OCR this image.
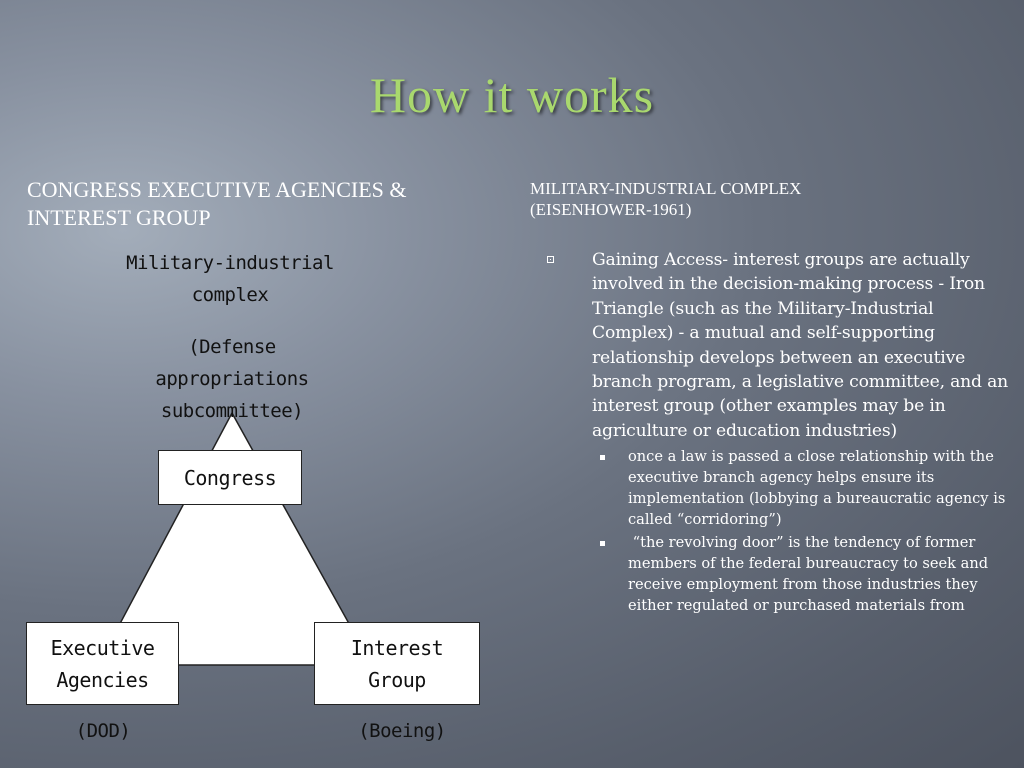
How it works
CONGRESS EXECUTIVE AGENCIES & INTEREST GROUP
MILITARY-INDUSTRIAL COMPLEX
(EISENHOWER-1961)
Military-industrial
complex
(Defense
appropriations
subcommittee)
Congress
Executive
Agencies
Interest
Group
(DOD)	(Boeing)
Gaining Access- interest groups are actually involved in the decision-making process - Iron Triangle (such as the Military-Industrial Complex) - a mutual and self-supporting relationship develops between an executive branch program, a legislative committee, and an interest group (other examples may be in agriculture or education industries)
once a law is passed a close relationship with the executive branch agency helps ensure its implementation (lobbying a bureaucratic agency is called “corridoring”)
“the revolving door” is the tendency of former members of the federal bureaucracy to seek and receive employment from those industries they either regulated or purchased materials from
